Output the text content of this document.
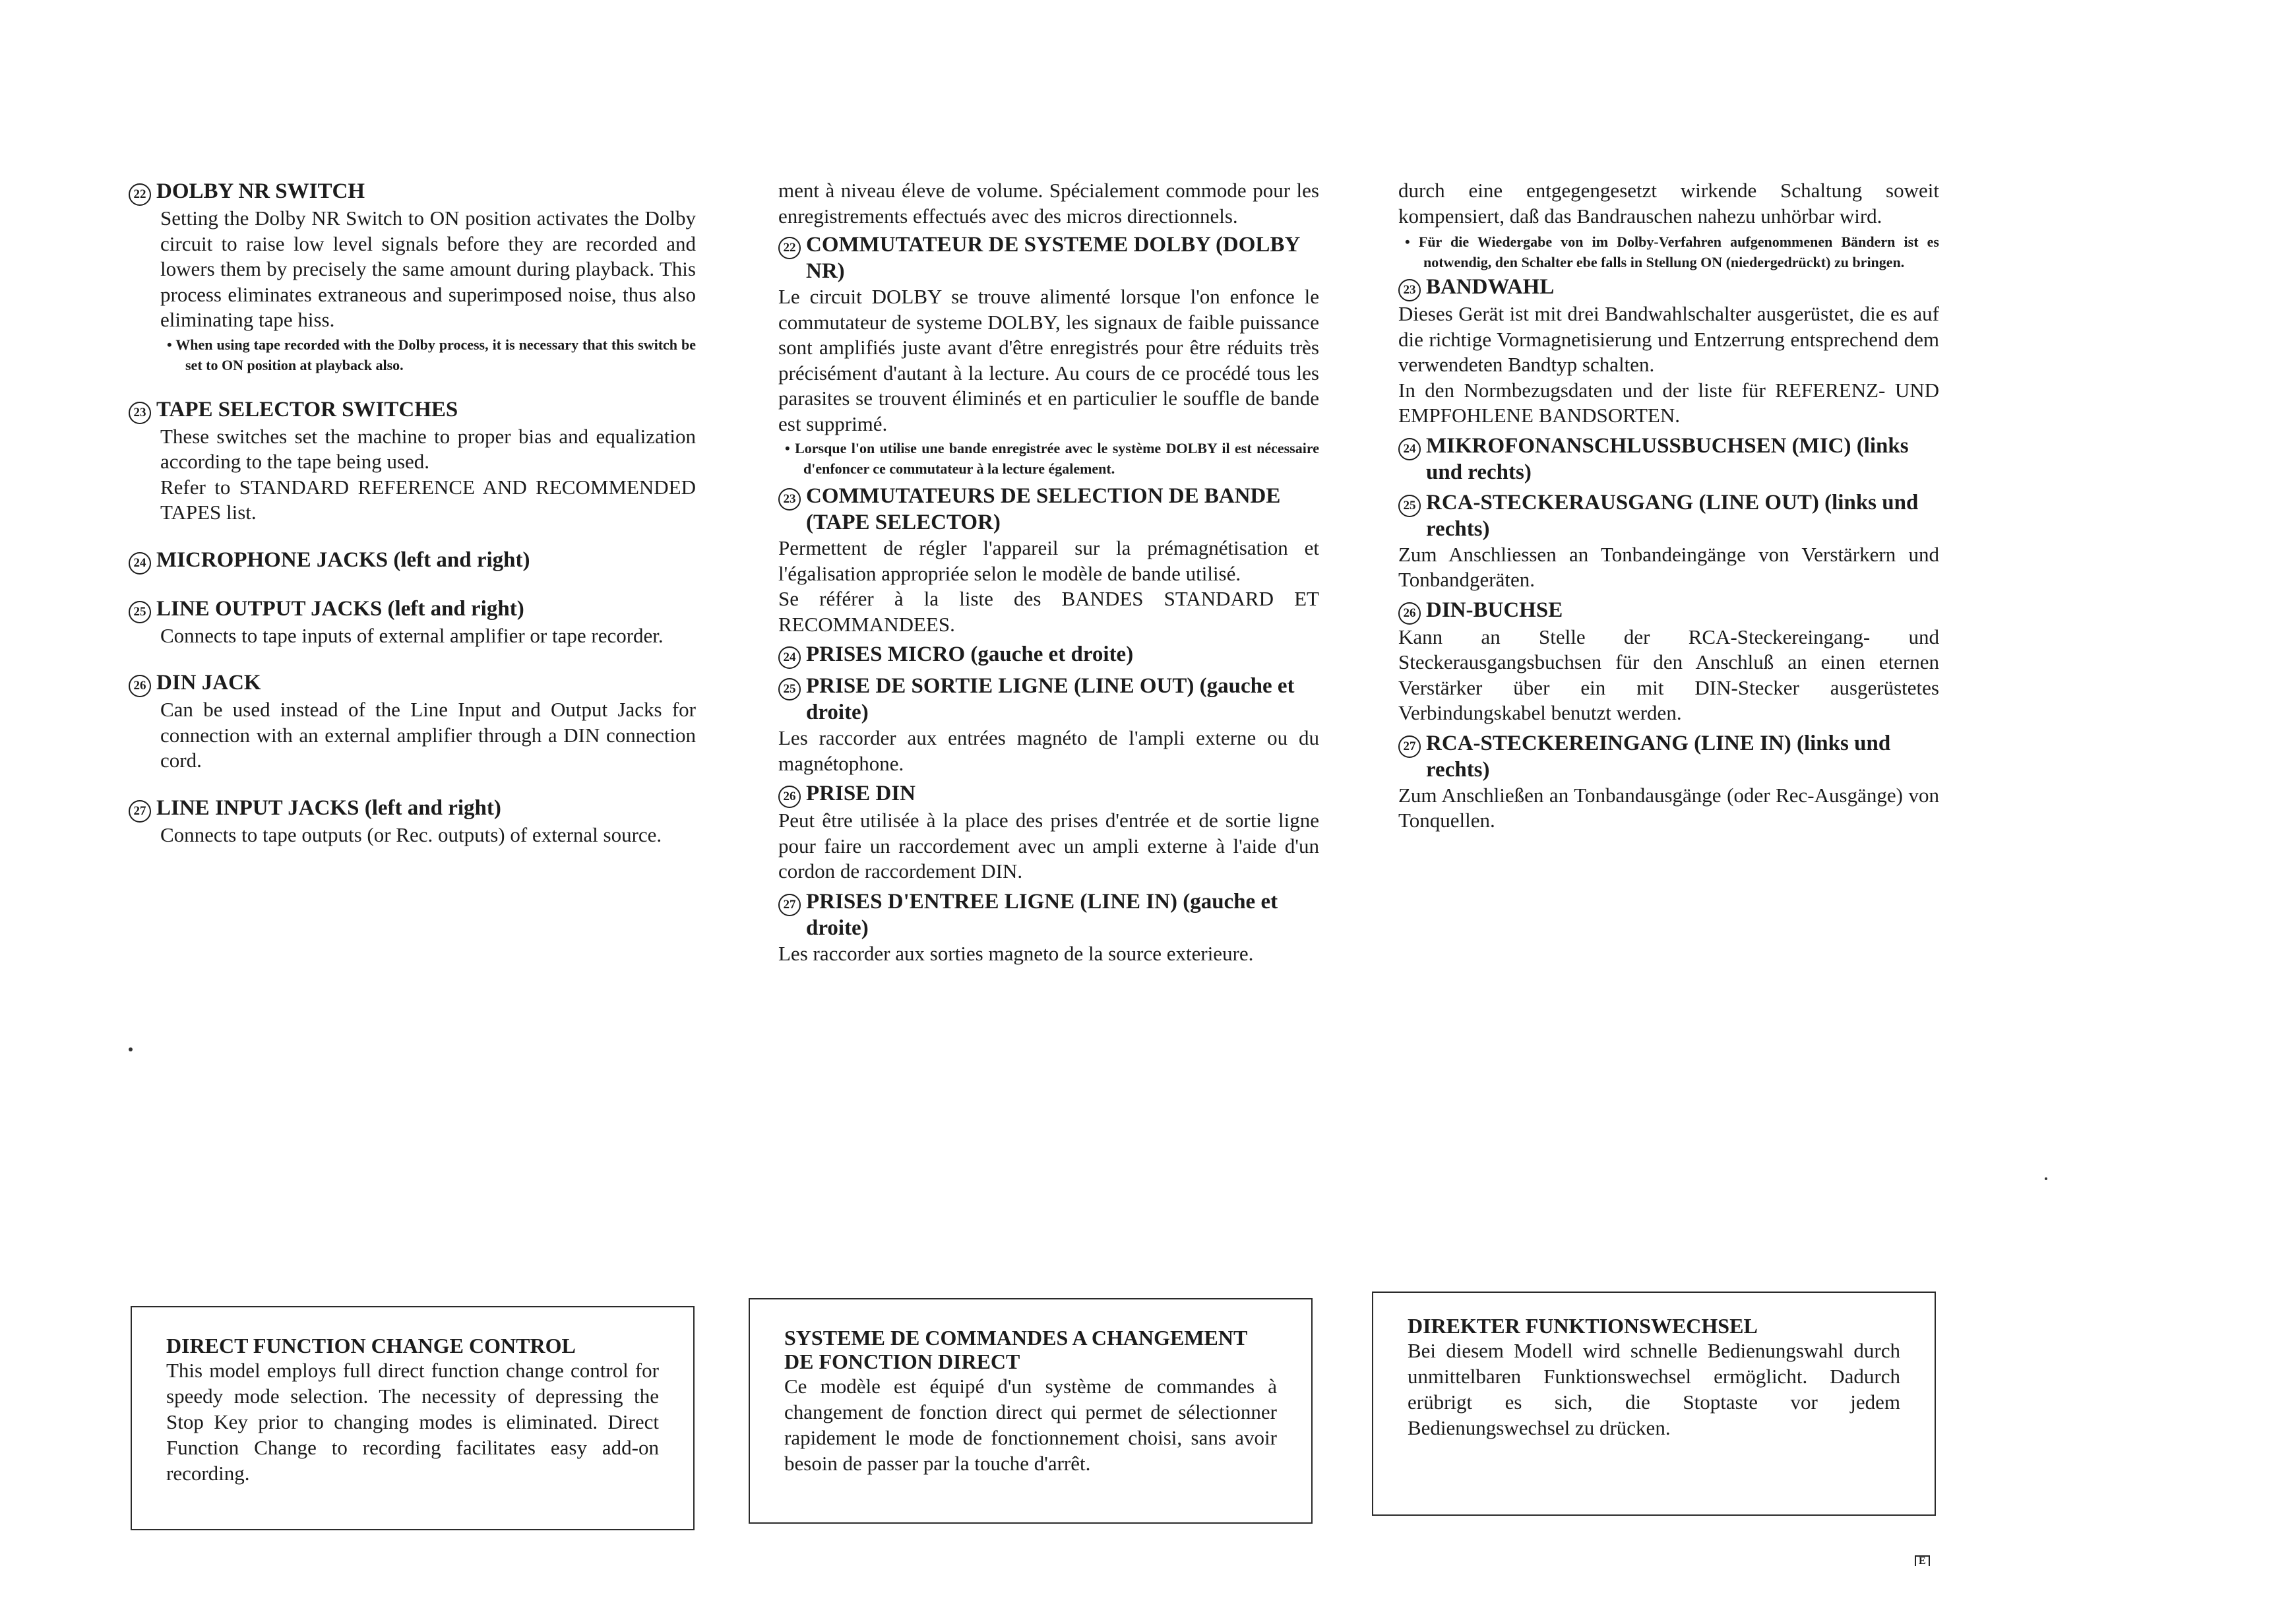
22 DOLBY NR SWITCH

Setting the Dolby NR Switch to ON position activates the Dolby circuit to raise low level signals before they are recorded and lowers them by precisely the same amount during playback. This process eliminates extraneous and superimposed noise, thus also eliminating tape hiss.

• When using tape recorded with the Dolby process, it is necessary that this switch be set to ON position at playback also.

23 TAPE SELECTOR SWITCHES

These switches set the machine to proper bias and equalization according to the tape being used.

Refer to STANDARD REFERENCE AND RECOMMENDED TAPES list.

24 MICROPHONE JACKS (left and right)
25 LINE OUTPUT JACKS (left and right)

Connects to tape inputs of external amplifier or tape recorder.

26 DIN JACK

Can be used instead of the Line Input and Output Jacks for connection with an external amplifier through a DIN connection cord.

27 LINE INPUT JACKS (left and right)

Connects to tape outputs (or Rec. outputs) of external source.

ment à niveau éleve de volume. Spécialement commode pour les enregistrements effectués avec des micros directionnels.

22 COMMUTATEUR DE SYSTEME DOLBY (DOLBY NR)

Le circuit DOLBY se trouve alimenté lorsque l'on enfonce le commutateur de systeme DOLBY, les signaux de faible puissance sont amplifiés juste avant d'être enregistrés pour être réduits très précisément d'autant à la lecture. Au cours de ce procédé tous les parasites se trouvent éliminés et en particulier le souffle de bande est supprimé.

• Lorsque l'on utilise une bande enregistrée avec le système DOLBY il est nécessaire d'enfoncer ce commutateur à la lecture également.

23 COMMUTATEURS DE SELECTION DE BANDE (TAPE SELECTOR)

Permettent de régler l'appareil sur la prémagnétisation et l'égalisation appropriée selon le modèle de bande utilisé.

Se référer à la liste des BANDES STANDARD ET RECOMMANDEES.

24 PRISES MICRO (gauche et droite)
25 PRISE DE SORTIE LIGNE (LINE OUT) (gauche et droite)

Les raccorder aux entrées magnéto de l'ampli externe ou du magnétophone.

26 PRISE DIN

Peut être utilisée à la place des prises d'entrée et de sortie ligne pour faire un raccordement avec un ampli externe à l'aide d'un cordon de raccordement DIN.

27 PRISES D'ENTREE LIGNE (LINE IN) (gauche et droite)

Les raccorder aux sorties magneto de la source exterieure.

durch eine entgegengesetzt wirkende Schaltung soweit kompensiert, daß das Bandrauschen nahezu unhörbar wird.

• Für die Wiedergabe von im Dolby-Verfahren aufgenommenen Bändern ist es notwendig, den Schalter ebe falls in Stellung ON (niedergedrückt) zu bringen.

23 BANDWAHL

Dieses Gerät ist mit drei Bandwahlschalter ausgerüstet, die es auf die richtige Vormagnetisierung und Entzerrung entsprechend dem verwendeten Bandtyp schalten.

In den Normbezugsdaten und der liste für REFERENZ- UND EMPFOHLENE BANDSORTEN.

24 MIKROFONANSCHLUSSBUCHSEN (MIC) (links und rechts)
25 RCA-STECKERAUSGANG (LINE OUT) (links und rechts)

Zum Anschliessen an Tonbandeingänge von Verstärkern und Tonbandgeräten.

26 DIN-BUCHSE

Kann an Stelle der RCA-Steckereingang- und Steckerausgangsbuchsen für den Anschluß an einen eternen Verstärker über ein mit DIN-Stecker ausgerüstetes Verbindungskabel benutzt werden.

27 RCA-STECKEREINGANG (LINE IN) (links und rechts)

Zum Anschließen an Tonbandausgänge (oder Rec-Ausgänge) von Tonquellen.

DIRECT FUNCTION CHANGE CONTROL

This model employs full direct function change control for speedy mode selection. The necessity of depressing the Stop Key prior to changing modes is eliminated. Direct Function Change to recording facilitates easy add-on recording.

SYSTEME DE COMMANDES A CHANGEMENT DE FONCTION DIRECT

Ce modèle est équipé d'un système de commandes à changement de fonction direct qui permet de sélectionner rapidement le mode de fonctionnement choisi, sans avoir besoin de passer par la touche d'arrêt.

DIREKTER FUNKTIONSWECHSEL

Bei diesem Modell wird schnelle Bedienungswahl durch unmittelbaren Funktionswechsel ermöglicht. Dadurch erübrigt es sich, die Stoptaste vor jedem Bedienungswechsel zu drücken.

E
